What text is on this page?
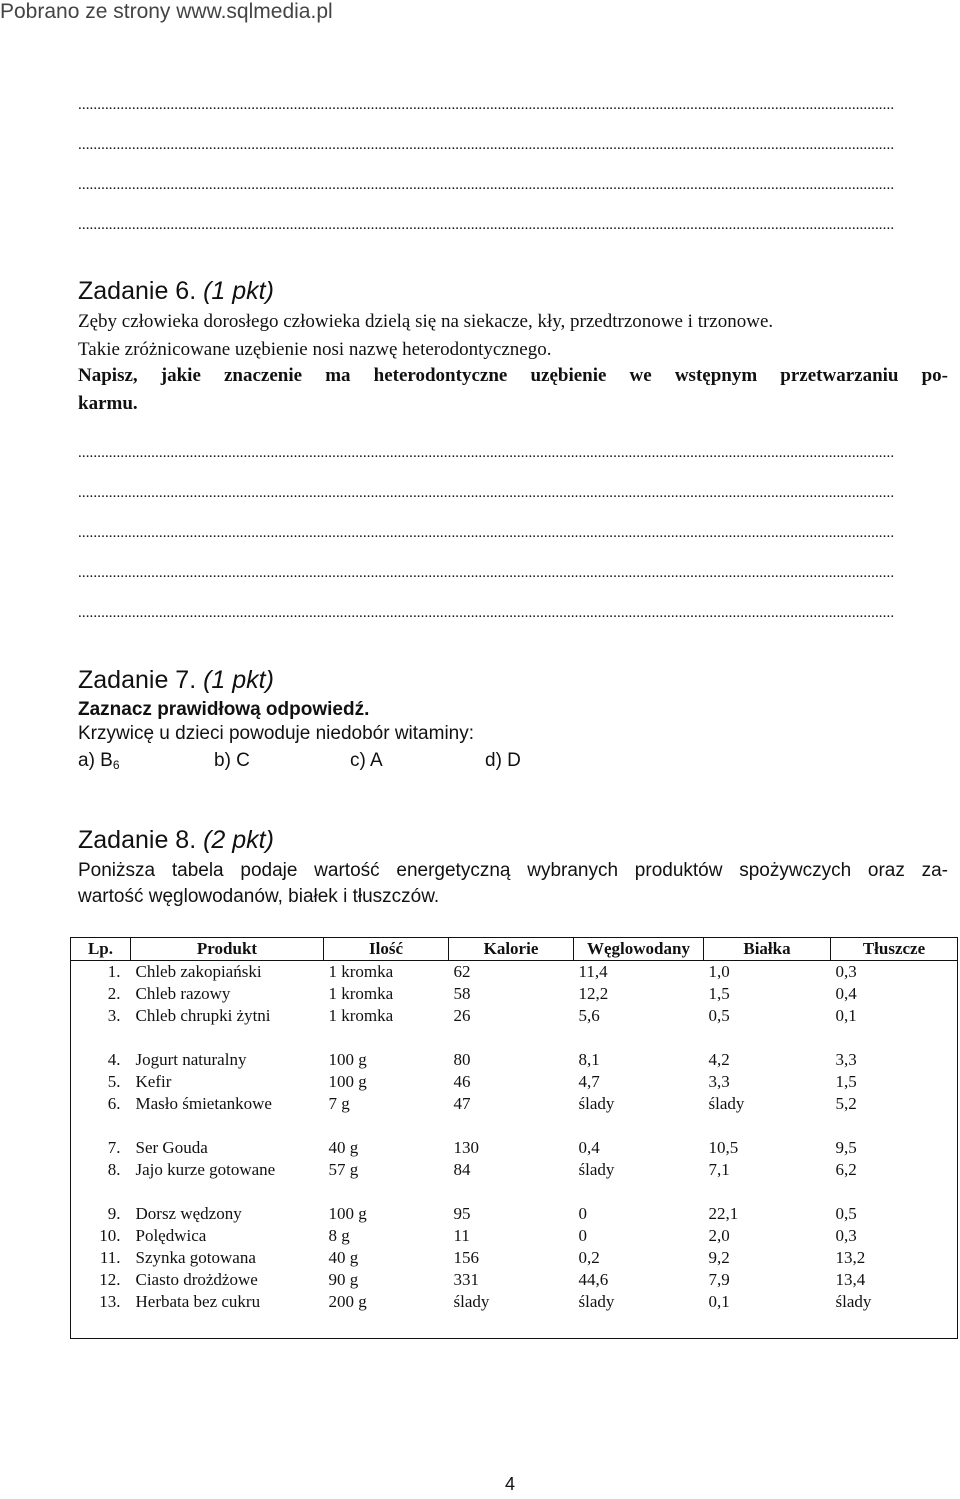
Pobrano ze strony www.sqlmedia.pl
....................................................................................................................................................................................................................
....................................................................................................................................................................................................................
....................................................................................................................................................................................................................
....................................................................................................................................................................................................................
Zadanie 6. (1 pkt)
Zęby człowieka dorosłego człowieka dzielą się na siekacze, kły, przedtrzonowe i trzonowe.
Takie zróżnicowane uzębienie nosi nazwę heterodontycznego.
Napisz, jakie znaczenie ma heterodontyczne uzębienie we wstępnym przetwarzaniu po-
karmu.
....................................................................................................................................................................................................................
....................................................................................................................................................................................................................
....................................................................................................................................................................................................................
....................................................................................................................................................................................................................
....................................................................................................................................................................................................................
Zadanie 7. (1 pkt)
Zaznacz prawidłową odpowiedź.
Krzywicę u dzieci powoduje niedobór witaminy:
a) $B_6$	b) C	c) A	d) D
Zadanie 8. (2 pkt)
Poniższa tabela podaje wartość energetyczną wybranych produktów spożywczych oraz za-
wartość węglowodanów, białek i tłuszczów.
Lp.	Produkt	Ilość	Kalorie	Węglowodany	Białka	Tłuszcze
1.	Chleb zakopiański	1 kromka	62	11,4	1,0	0,3
2.	Chleb razowy	1 kromka	58	12,2	1,5	0,4
3.	Chleb chrupki żytni	1 kromka	26	5,6	0,5	0,1

4.	Jogurt naturalny	100 g	80	8,1	4,2	3,3
5.	Kefir	100 g	46	4,7	3,3	1,5
6.	Masło śmietankowe	7 g	47	ślady	ślady	5,2

7.	Ser Gouda	40 g	130	0,4	10,5	9,5
8.	Jajo kurze gotowane	57 g	84	ślady	7,1	6,2

9.	Dorsz wędzony	100 g	95	0	22,1	0,5
10.	Polędwica	8 g	11	0	2,0	0,3
11.	Szynka gotowana	40 g	156	0,2	9,2	13,2
12.	Ciasto drożdżowe	90 g	331	44,6	7,9	13,4
13.	Herbata bez cukru	200 g	ślady	ślady	0,1	ślady

4
